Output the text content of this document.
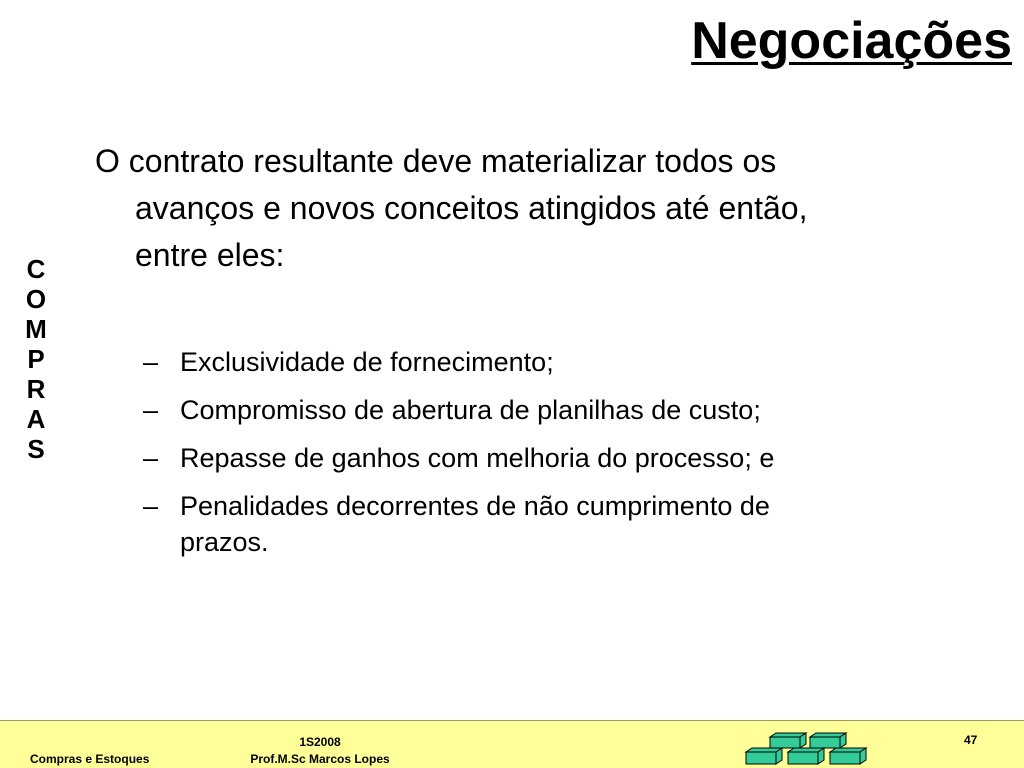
Negociações
C
O
M
P
R
A
S
O contrato resultante deve materializar todos os
avanços e novos conceitos atingidos até então,
entre eles:
– Exclusividade de fornecimento;
– Compromisso de abertura de planilhas de custo;
– Repasse de ganhos com melhoria do processo; e
– Penalidades decorrentes de não cumprimento de
prazos.
Compras e Estoques
1S2008
Prof.M.Sc Marcos Lopes
47
